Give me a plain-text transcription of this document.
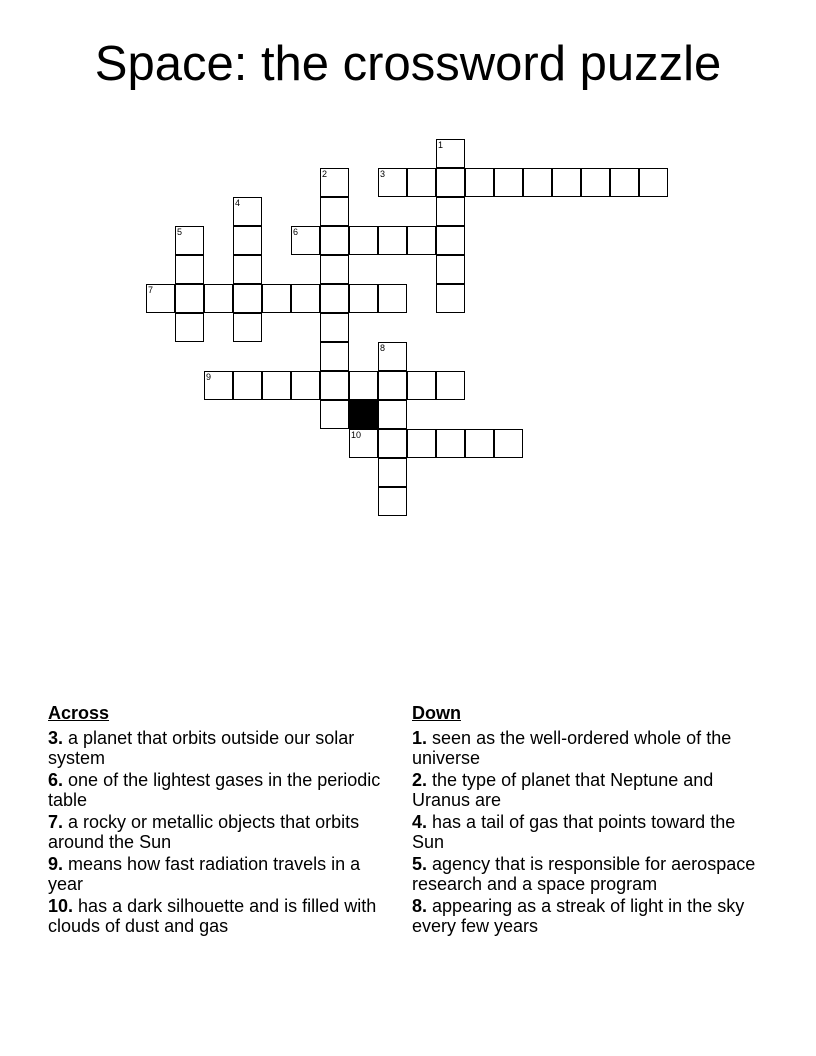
Space: the crossword puzzle
1
2	3
4
5	6
7
8
9
10
Across
3. a planet that orbits outside our solar system
6. one of the lightest gases in the periodic table
7. a rocky or metallic objects that orbits around the Sun
9. means how fast radiation travels in a year
10. has a dark silhouette and is filled with clouds of dust and gas
Down
1. seen as the well-ordered whole of the universe
2. the type of planet that Neptune and Uranus are
4. has a tail of gas that points toward the Sun
5. agency that is responsible for aerospace research and a space program
8. appearing as a streak of light in the sky every few years
